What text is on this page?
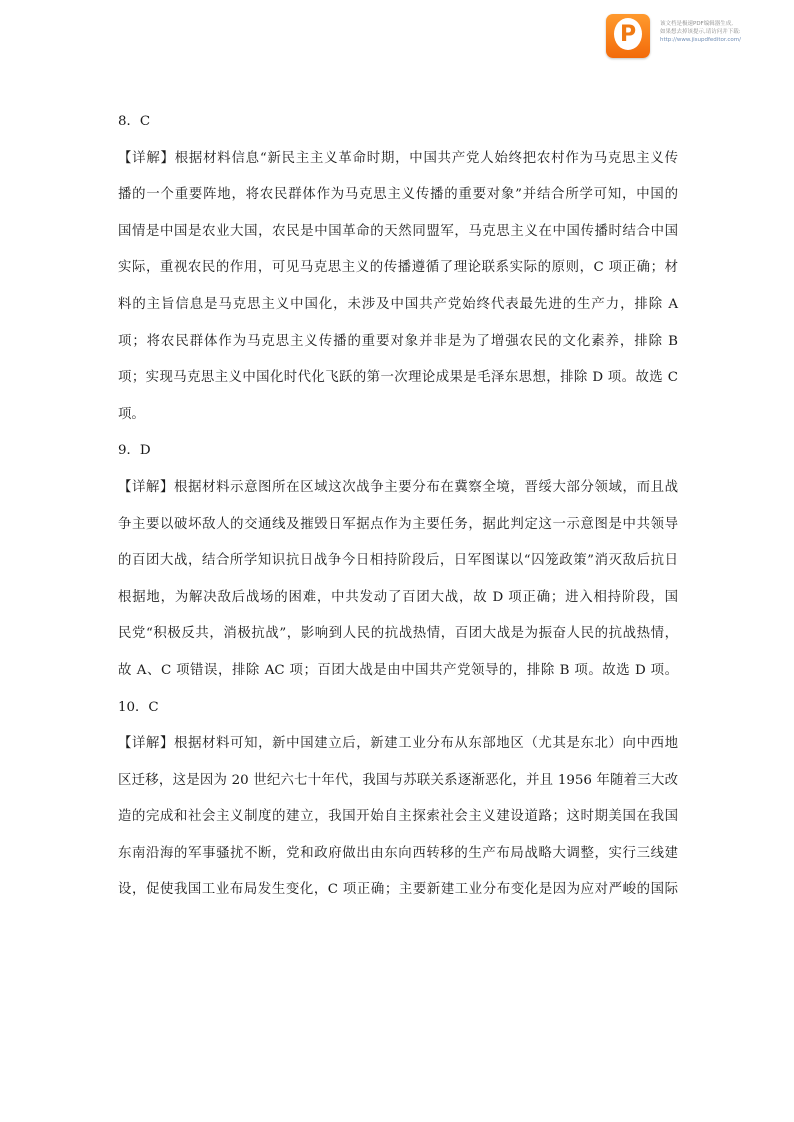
P	该文档是极速PDF编辑器生成,
如果想去掉该提示,请访问并下载:
http://www.jisupdfeditor.com/
8．C
【详解】根据材料信息“新民主主义革命时期，中国共产党人始终把农村作为马克思主义传
播的一个重要阵地，将农民群体作为马克思主义传播的重要对象”并结合所学可知，中国的
国情是中国是农业大国，农民是中国革命的天然同盟军，马克思主义在中国传播时结合中国
实际，重视农民的作用，可见马克思主义的传播遵循了理论联系实际的原则，C 项正确；材
料的主旨信息是马克思主义中国化，未涉及中国共产党始终代表最先进的生产力，排除 A
项；将农民群体作为马克思主义传播的重要对象并非是为了增强农民的文化素养，排除 B
项；实现马克思主义中国化时代化飞跃的第一次理论成果是毛泽东思想，排除 D 项。故选 C
项。
9．D
【详解】根据材料示意图所在区域这次战争主要分布在冀察全境，晋绥大部分领域，而且战
争主要以破坏敌人的交通线及摧毁日军据点作为主要任务，据此判定这一示意图是中共领导
的百团大战，结合所学知识抗日战争今日相持阶段后，日军图谋以“囚笼政策”消灭敌后抗日
根据地，为解决敌后战场的困难，中共发动了百团大战，故 D 项正确；进入相持阶段，国
民党“积极反共，消极抗战”，影响到人民的抗战热情，百团大战是为振奋人民的抗战热情，
故 A、C 项错误，排除 AC 项；百团大战是由中国共产党领导的，排除 B 项。故选 D 项。
10．C
【详解】根据材料可知，新中国建立后，新建工业分布从东部地区（尤其是东北）向中西地
区迁移，这是因为 20 世纪六七十年代，我国与苏联关系逐渐恶化，并且 1956 年随着三大改
造的完成和社会主义制度的建立，我国开始自主探索社会主义建设道路；这时期美国在我国
东南沿海的军事骚扰不断，党和政府做出由东向西转移的生产布局战略大调整，实行三线建
设，促使我国工业布局发生变化，C 项正确；主要新建工业分布变化是因为应对严峻的国际
